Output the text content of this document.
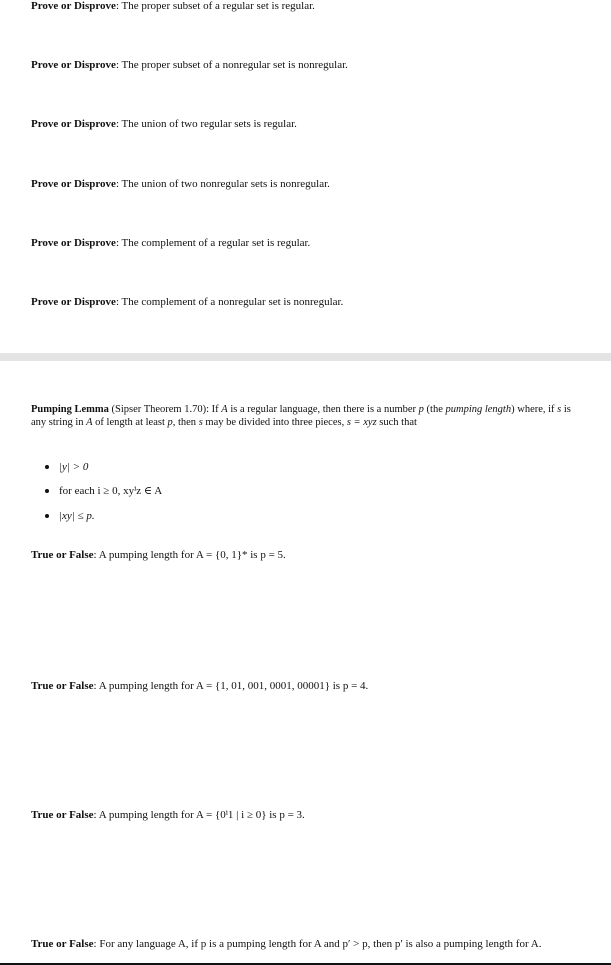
Prove or Disprove: The proper subset of a regular set is regular.
Prove or Disprove: The proper subset of a nonregular set is nonregular.
Prove or Disprove: The union of two regular sets is regular.
Prove or Disprove: The union of two nonregular sets is nonregular.
Prove or Disprove: The complement of a regular set is regular.
Prove or Disprove: The complement of a nonregular set is nonregular.
Pumping Lemma (Sipser Theorem 1.70): If A is a regular language, then there is a number p (the pumping length) where, if s is any string in A of length at least p, then s may be divided into three pieces, s = xyz such that
|y| > 0
for each i ≥ 0, xyⁱz ∈ A
|xy| ≤ p.
True or False: A pumping length for A = {0, 1}* is p = 5.
True or False: A pumping length for A = {1, 01, 001, 0001, 00001} is p = 4.
True or False: A pumping length for A = {0ⁱ1 | i ≥ 0} is p = 3.
True or False: For any language A, if p is a pumping length for A and p′ > p, then p′ is also a pumping length for A.
